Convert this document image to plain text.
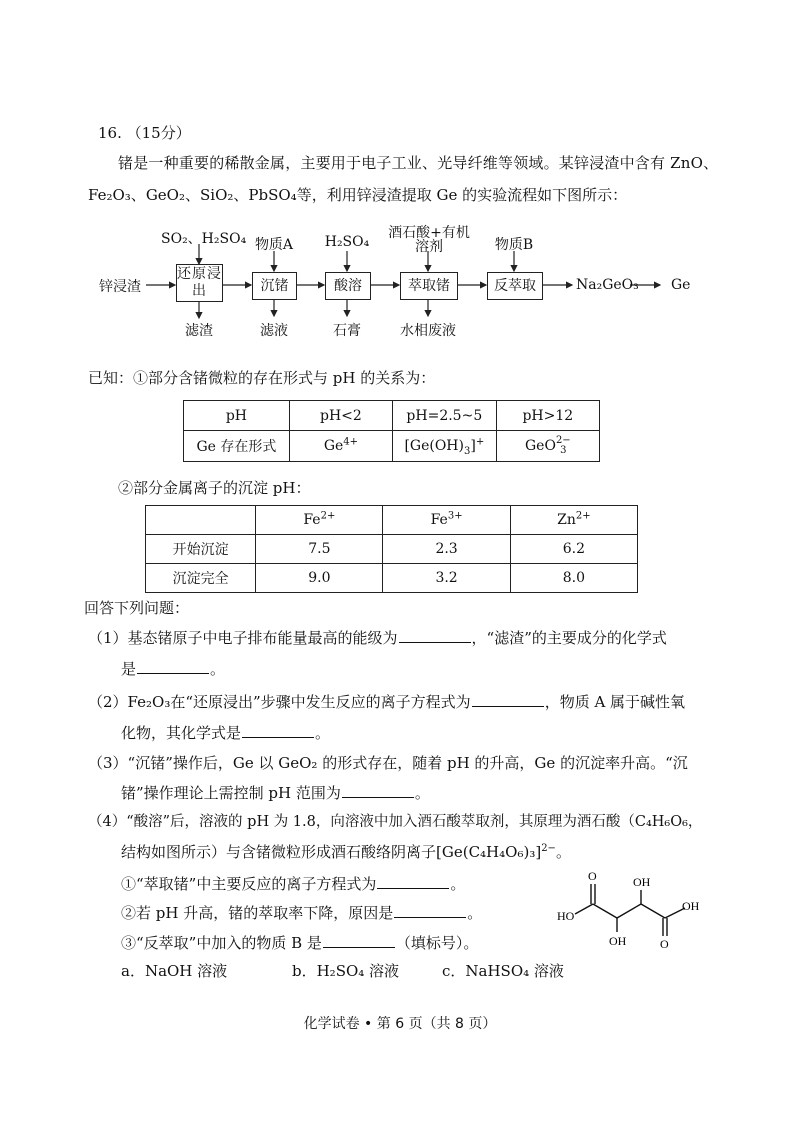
16. （15分）
锗是一种重要的稀散金属，主要用于电子工业、光导纤维等领域。某锌浸渣中含有 ZnO、
Fe₂O₃、GeO₂、SiO₂、PbSO₄等，利用锌浸渣提取 Ge 的实验流程如下图所示：
锌浸渣
SO₂、H₂SO₄
还原浸出
滤渣
物质A
沉锗
滤液
H₂SO₄
酸溶
石膏
酒石酸+有机
溶剂
萃取锗
水相废液
物质B
反萃取	Na₂GeO₃ Ge
已知：①部分含锗微粒的存在形式与 pH 的关系为：
pH	pH<2	pH=2.5~5	pH>12
Ge 存在形式	$Ge^{4+}$	$[Ge(OH)_3]^+$	GeO 2−
3
②部分金属离子的沉淀 pH：
	$Fe^{2+}$	$Fe^{3+}$	$Zn^{2+}$
开始沉淀	7.5	2.3	6.2
沉淀完全	9.0	3.2	8.0
回答下列问题：
（1）基态锗原子中电子排布能量最高的能级为	，“滤渣”的主要成分的化学式
是	。
（2）Fe₂O₃在“还原浸出”步骤中发生反应的离子方程式为	，物质 A 属于碱性氧
化物，其化学式是	。
（3）“沉锗”操作后，Ge 以 GeO₂ 的形式存在，随着 pH 的升高，Ge 的沉淀率升高。“沉
锗”操作理论上需控制 pH 范围为	。
（4）“酸溶”后，溶液的 pH 为 1.8，向溶液中加入酒石酸萃取剂，其原理为酒石酸（C₄H₆O₆，
结构如图所示）与含锗微粒形成酒石酸络阴离子$[Ge(C_4H_4O_6)_3]^{2-}$。
①“萃取锗”中主要反应的离子方程式为	。
②若 pH 升高，锗的萃取率下降，原因是	。
③“反萃取”中加入的物质 B 是	（填标号）。
a．NaOH 溶液	b．H₂SO₄ 溶液	c．NaHSO₄ 溶液
O	OH
HO
OH
OH
O
化学试卷 • 第 6 页（共 8 页）
